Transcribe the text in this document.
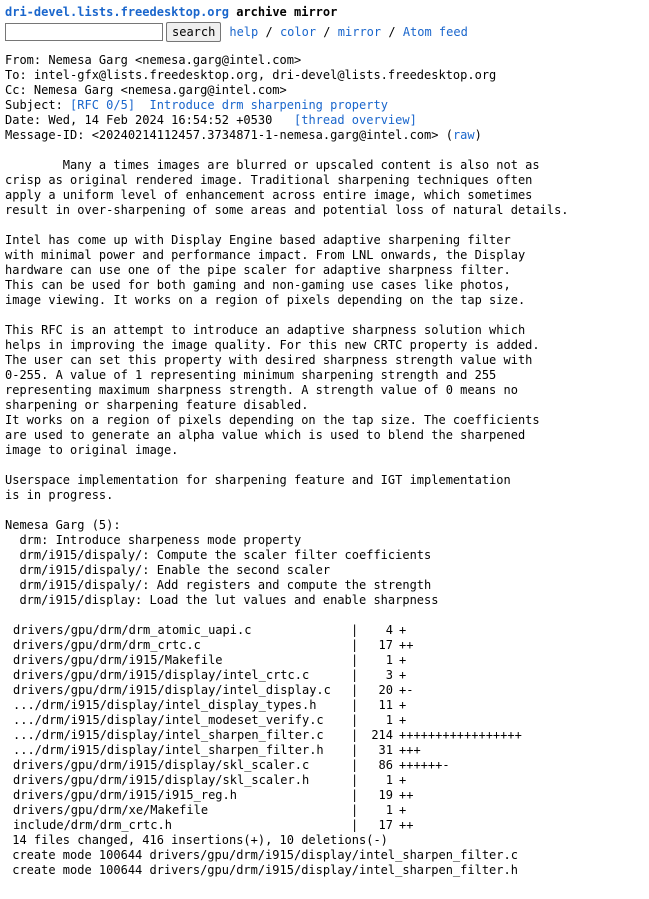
dri-devel.lists.freedesktop.org archive mirror
search	help / color / mirror / Atom feed
From: Nemesa Garg <nemesa.garg@intel.com>
To: intel-gfx@lists.freedesktop.org, dri-devel@lists.freedesktop.org
Cc: Nemesa Garg <nemesa.garg@intel.com>
Subject: [RFC 0/5] Introduce drm sharpening property
Date: Wed, 14 Feb 2024 16:54:52 +0530 [thread overview]
Message-ID: <20240214112457.3734871-1-nemesa.garg@intel.com> (raw)
Many a times images are blurred or upscaled content is also not as
crisp as original rendered image. Traditional sharpening techniques often
apply a uniform level of enhancement across entire image, which sometimes
result in over-sharpening of some areas and potential loss of natural details.

Intel has come up with Display Engine based adaptive sharpening filter
with minimal power and performance impact. From LNL onwards, the Display
hardware can use one of the pipe scaler for adaptive sharpness filter.
This can be used for both gaming and non-gaming use cases like photos,
image viewing. It works on a region of pixels depending on the tap size.

This RFC is an attempt to introduce an adaptive sharpness solution which
helps in improving the image quality. For this new CRTC property is added.
The user can set this property with desired sharpness strength value with
0-255. A value of 1 representing minimum sharpening strength and 255
representing maximum sharpness strength. A strength value of 0 means no
sharpening or sharpening feature disabled.
It works on a region of pixels depending on the tap size. The coefficients
are used to generate an alpha value which is used to blend the sharpened
image to original image.

Userspace implementation for sharpening feature and IGT implementation
is in progress.

Nemesa Garg (5):
drm: Introduce sharpeness mode property
drm/i915/dispaly/: Compute the scaler filter coefficients
drm/i915/dispaly/: Enable the second scaler
drm/i915/dispaly/: Add registers and compute the strength
drm/i915/display: Load the lut values and enable sharpness
drivers/gpu/drm/drm_atomic_uapi.c	| 4 +
drivers/gpu/drm/drm_crtc.c	| 17 ++
drivers/gpu/drm/i915/Makefile	| 1 +
drivers/gpu/drm/i915/display/intel_crtc.c	| 3 +
drivers/gpu/drm/i915/display/intel_display.c | 20 +-
.../drm/i915/display/intel_display_types.h	| 11 +
.../drm/i915/display/intel_modeset_verify.c | 1 +
.../drm/i915/display/intel_sharpen_filter.c | 214 +++++++++++++++++
.../drm/i915/display/intel_sharpen_filter.h | 31 +++
drivers/gpu/drm/i915/display/skl_scaler.c	| 86 ++++++-
drivers/gpu/drm/i915/display/skl_scaler.h	| 1 +
drivers/gpu/drm/i915/i915_reg.h	| 19 ++
drivers/gpu/drm/xe/Makefile	| 1 +
include/drm/drm_crtc.h	| 17 ++
14 files changed, 416 insertions(+), 10 deletions(-)
create mode 100644 drivers/gpu/drm/i915/display/intel_sharpen_filter.c
create mode 100644 drivers/gpu/drm/i915/display/intel_sharpen_filter.h
